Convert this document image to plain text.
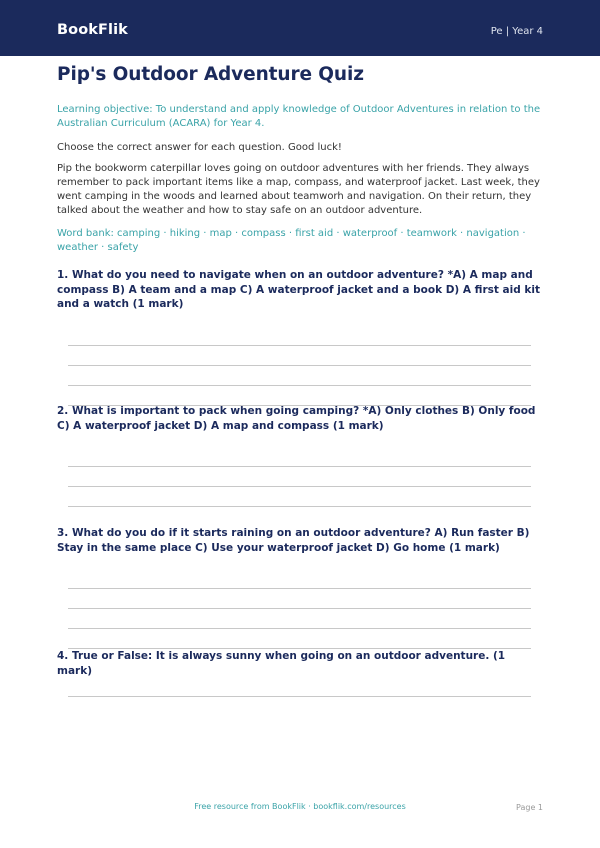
BookFlik	Pe | Year 4
Pip's Outdoor Adventure Quiz

Learning objective: To understand and apply knowledge of Outdoor Adventures in relation to the Australian Curriculum (ACARA) for Year 4.

Choose the correct answer for each question. Good luck!

Pip the bookworm caterpillar loves going on outdoor adventures with her friends. They always remember to pack important items like a map, compass, and waterproof jacket. Last week, they went camping in the woods and learned about teamworh and navigation. On their return, they talked about the weather and how to stay safe on an outdoor adventure.

Word bank: camping · hiking · map · compass · first aid · waterproof · teamwork · navigation · weather · safety

1. What do you need to navigate when on an outdoor adventure? *A) A map and compass B) A team and a map C) A waterproof jacket and a book D) A first aid kit and a watch (1 mark)

2. What is important to pack when going camping? *A) Only clothes B) Only food C) A waterproof jacket D) A map and compass (1 mark)

3. What do you do if it starts raining on an outdoor adventure? A) Run faster B) Stay in the same place C) Use your waterproof jacket D) Go home (1 mark)

4. True or False: It is always sunny when going on an outdoor adventure. (1 mark)

Free resource from BookFlik · bookflik.com/resources	Page 1
